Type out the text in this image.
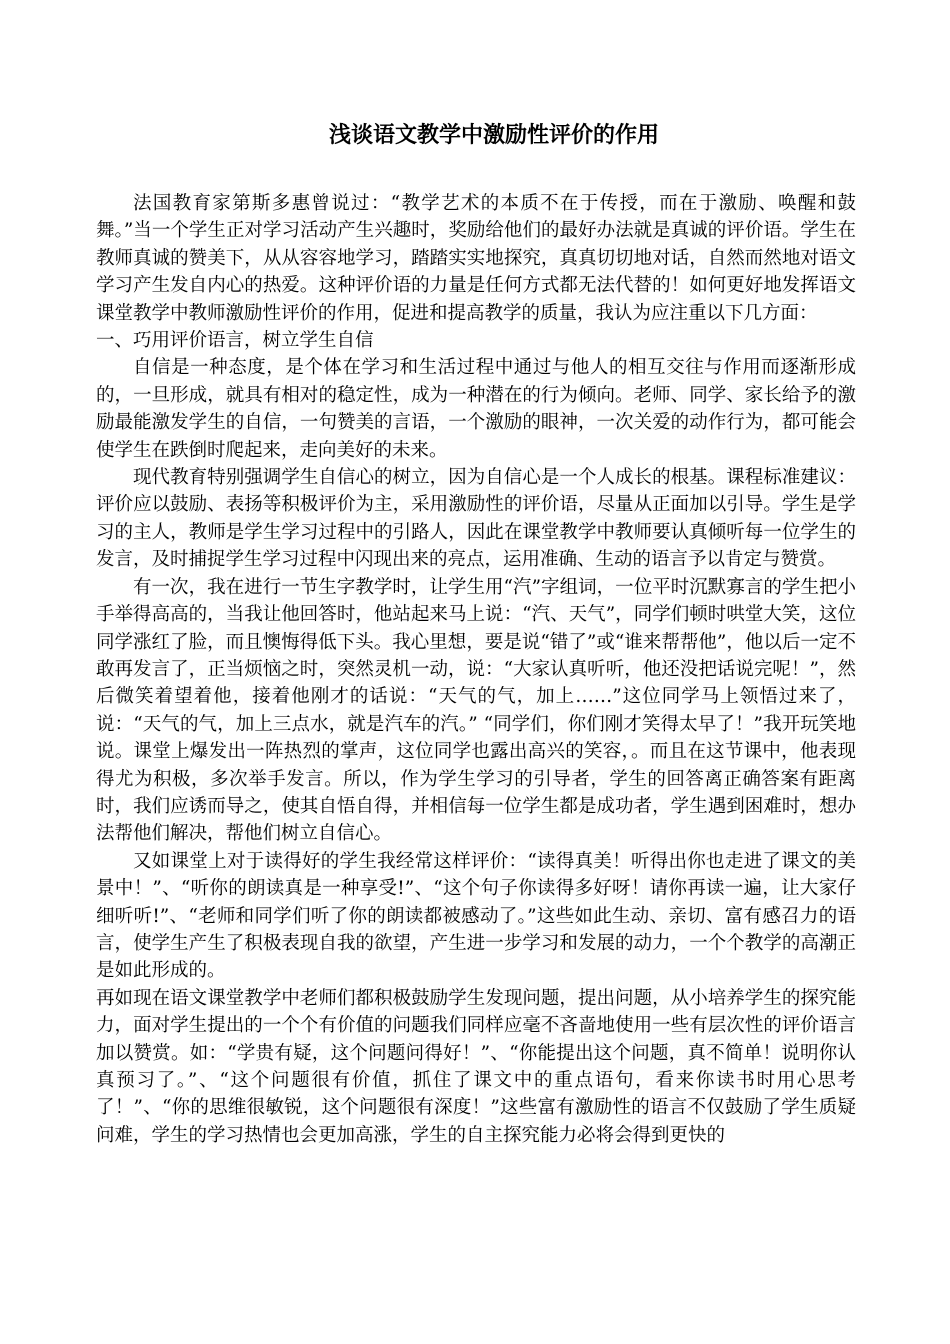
浅谈语文教学中激励性评价的作用

法国教育家第斯多惠曾说过：“教学艺术的本质不在于传授，而在于激励、唤醒和鼓舞。”当一个学生正对学习活动产生兴趣时，奖励给他们的最好办法就是真诚的评价语。学生在教师真诚的赞美下，从从容容地学习，踏踏实实地探究，真真切切地对话，自然而然地对语文学习产生发自内心的热爱。这种评价语的力量是任何方式都无法代替的！如何更好地发挥语文课堂教学中教师激励性评价的作用，促进和提高教学的质量，我认为应注重以下几方面：

一、巧用评价语言，树立学生自信

自信是一种态度，是个体在学习和生活过程中通过与他人的相互交往与作用而逐渐形成的，一旦形成，就具有相对的稳定性，成为一种潜在的行为倾向。老师、同学、家长给予的激励最能激发学生的自信，一句赞美的言语，一个激励的眼神，一次关爱的动作行为，都可能会使学生在跌倒时爬起来，走向美好的未来。

现代教育特别强调学生自信心的树立，因为自信心是一个人成长的根基。课程标准建议：评价应以鼓励、表扬等积极评价为主，采用激励性的评价语，尽量从正面加以引导。学生是学习的主人，教师是学生学习过程中的引路人，因此在课堂教学中教师要认真倾听每一位学生的发言，及时捕捉学生学习过程中闪现出来的亮点，运用准确、生动的语言予以肯定与赞赏。

有一次，我在进行一节生字教学时，让学生用“汽”字组词，一位平时沉默寡言的学生把小手举得高高的，当我让他回答时，他站起来马上说：“汽、天气”，同学们顿时哄堂大笑，这位同学涨红了脸，而且懊悔得低下头。我心里想，要是说“错了”或“谁来帮帮他”，他以后一定不敢再发言了，正当烦恼之时，突然灵机一动，说：“大家认真听听，他还没把话说完呢！”，然后微笑着望着他，接着他刚才的话说：“天气的气，加上……”这位同学马上领悟过来了，说：“天气的气，加上三点水，就是汽车的汽。” “同学们，你们刚才笑得太早了！”我开玩笑地说。课堂上爆发出一阵热烈的掌声，这位同学也露出高兴的笑容，。而且在这节课中，他表现得尤为积极，多次举手发言。所以，作为学生学习的引导者，学生的回答离正确答案有距离时，我们应诱而导之，使其自悟自得，并相信每一位学生都是成功者，学生遇到困难时，想办法帮他们解决，帮他们树立自信心。

又如课堂上对于读得好的学生我经常这样评价：“读得真美！听得出你也走进了课文的美景中！”、“听你的朗读真是一种享受!”、“这个句子你读得多好呀！请你再读一遍，让大家仔细听听!”、“老师和同学们听了你的朗读都被感动了。”这些如此生动、亲切、富有感召力的语言，使学生产生了积极表现自我的欲望，产生进一步学习和发展的动力，一个个教学的高潮正是如此形成的。

再如现在语文课堂教学中老师们都积极鼓励学生发现问题，提出问题，从小培养学生的探究能力，面对学生提出的一个个有价值的问题我们同样应毫不吝啬地使用一些有层次性的评价语言加以赞赏。如：“学贵有疑，这个问题问得好！”、“你能提出这个问题，真不简单！说明你认真预习了。”、“这个问题很有价值，抓住了课文中的重点语句，看来你读书时用心思考了！”、“你的思维很敏锐，这个问题很有深度！”这些富有激励性的语言不仅鼓励了学生质疑问难，学生的学习热情也会更加高涨，学生的自主探究能力必将会得到更快的
